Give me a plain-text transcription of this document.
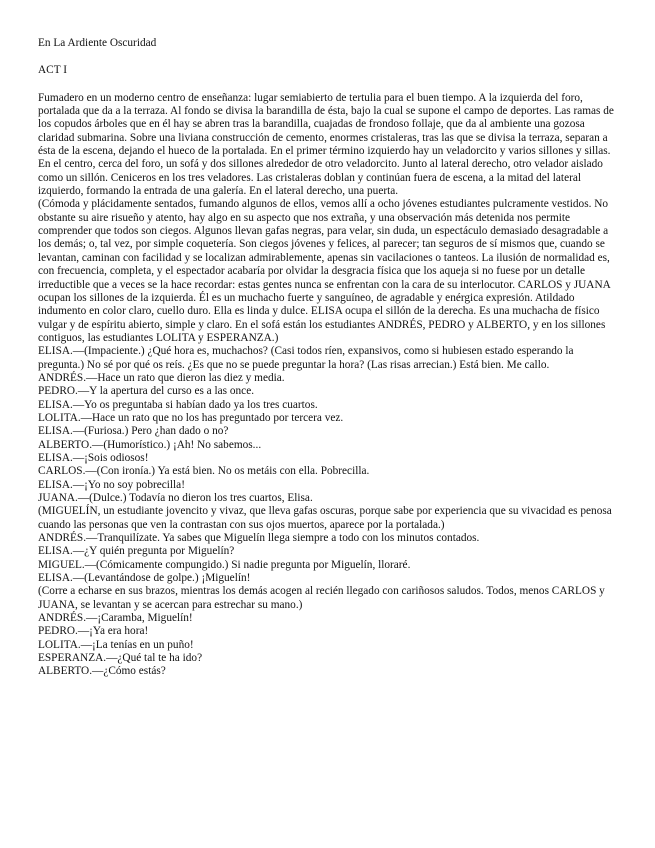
En La Ardiente Oscuridad

ACT I

Fumadero en un moderno centro de enseñanza: lugar semiabierto de tertulia para el buen tiempo. A la izquierda del foro, portalada que da a la terraza. Al fondo se divisa la barandilla de ésta, bajo la cual se supone el campo de deportes. Las ramas de los copudos árboles que en él hay se abren tras la barandilla, cuajadas de frondoso follaje, que da al ambiente una gozosa claridad submarina. Sobre una liviana construcción de cemento, enormes cristaleras, tras las que se divisa la terraza, separan a ésta de la escena, dejando el hueco de la portalada. En el primer término izquierdo hay un veladorcito y varios sillones y sillas. En el centro, cerca del foro, un sofá y dos sillones alrededor de otro veladorcito. Junto al lateral derecho, otro velador aislado como un sillón. Ceniceros en los tres veladores. Las cristaleras doblan y continúan fuera de escena, a la mitad del lateral izquierdo, formando la entrada de una galería. En el lateral derecho, una puerta.

(Cómoda y plácidamente sentados, fumando algunos de ellos, vemos allí a ocho jóvenes estudiantes pulcramente vestidos. No obstante su aire risueño y atento, hay algo en su aspecto que nos extraña, y una observación más detenida nos permite comprender que todos son ciegos. Algunos llevan gafas negras, para velar, sin duda, un espectáculo demasiado desagradable a los demás; o, tal vez, por simple coquetería. Son ciegos jóvenes y felices, al parecer; tan seguros de sí mismos que, cuando se levantan, caminan con facilidad y se localizan admirablemente, apenas sin vacilaciones o tanteos. La ilusión de normalidad es, con frecuencia, completa, y el espectador acabaría por olvidar la desgracia física que los aqueja si no fuese por un detalle irreductible que a veces se la hace recordar: estas gentes nunca se enfrentan con la cara de su interlocutor. CARLOS y JUANA ocupan los sillones de la izquierda. Él es un muchacho fuerte y sanguíneo, de agradable y enérgica expresión. Atildado indumento en color claro, cuello duro. Ella es linda y dulce. ELISA ocupa el sillón de la derecha. Es una muchacha de físico vulgar y de espíritu abierto, simple y claro. En el sofá están los estudiantes ANDRÉS, PEDRO y ALBERTO, y en los sillones contiguos, las estudiantes LOLITA y ESPERANZA.)

ELISA.—(Impaciente.) ¿Qué hora es, muchachos? (Casi todos ríen, expansivos, como si hubiesen estado esperando la pregunta.) No sé por qué os reís. ¿Es que no se puede preguntar la hora? (Las risas arrecian.) Está bien. Me callo.

ANDRÉS.—Hace un rato que dieron las diez y media.

PEDRO.—Y la apertura del curso es a las once.

ELISA.—Yo os preguntaba si habían dado ya los tres cuartos.

LOLITA.—Hace un rato que no los has preguntado por tercera vez.

ELISA.—(Furiosa.) Pero ¿han dado o no?

ALBERTO.—(Humorístico.) ¡Ah! No sabemos...

ELISA.—¡Sois odiosos!

CARLOS.—(Con ironía.) Ya está bien. No os metáis con ella. Pobrecilla.

ELISA.—¡Yo no soy pobrecilla!

JUANA.—(Dulce.) Todavía no dieron los tres cuartos, Elisa.

(MIGUELÍN, un estudiante jovencito y vivaz, que lleva gafas oscuras, porque sabe por experiencia que su vivacidad es penosa cuando las personas que ven la contrastan con sus ojos muertos, aparece por la portalada.)

ANDRÉS.—Tranquilízate. Ya sabes que Miguelín llega siempre a todo con los minutos contados.

ELISA.—¿Y quién pregunta por Miguelín?

MIGUEL.—(Cómicamente compungido.) Si nadie pregunta por Miguelín, lloraré.

ELISA.—(Levantándose de golpe.) ¡Miguelín!

(Corre a echarse en sus brazos, mientras los demás acogen al recién llegado con cariñosos saludos. Todos, menos CARLOS y JUANA, se levantan y se acercan para estrechar su mano.)

ANDRÉS.—¡Caramba, Miguelín!

PEDRO.—¡Ya era hora!

LOLITA.—¡La tenías en un puño!

ESPERANZA.—¿Qué tal te ha ido?

ALBERTO.—¿Cómo estás?
